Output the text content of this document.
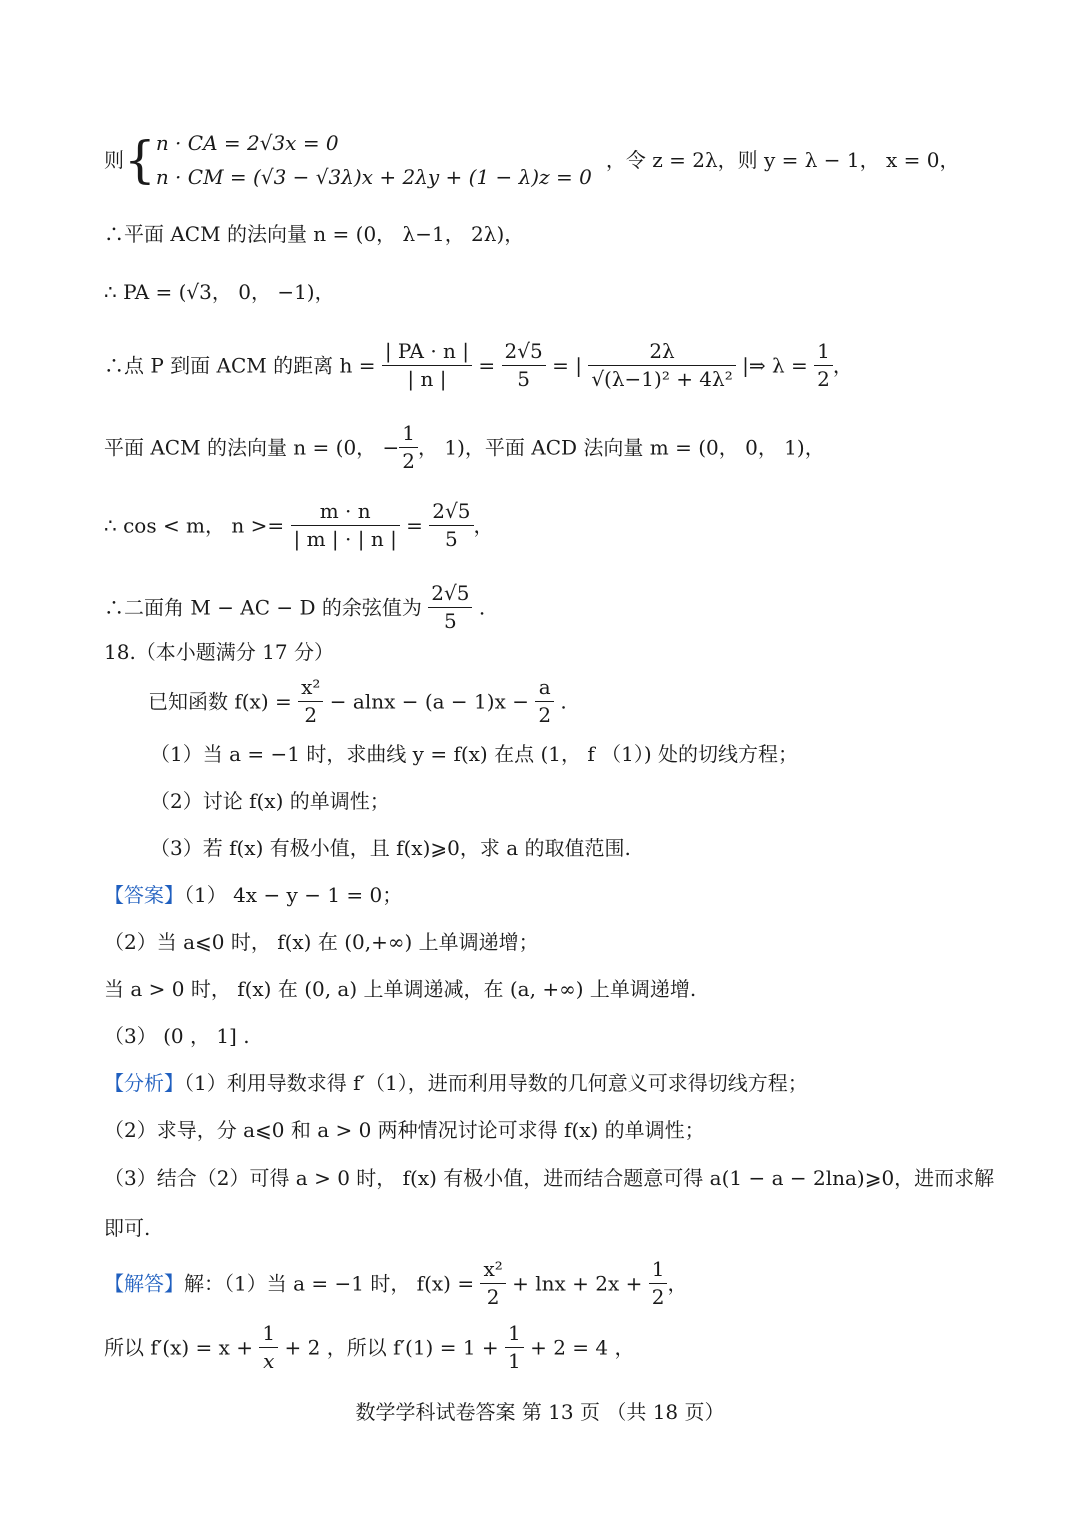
则{ n · CA = 2√3x = 0
n · CM = (√3 − √3λ)x + 2λy + (1 − λ)z = 0
，令 z = 2λ，则 y = λ − 1， x = 0，
∴平面 ACM 的法向量 n = (0， λ−1， 2λ)，
∴ PA = (√3， 0， −1)，
∴点 P 到面 ACM 的距离 $h = \frac{| PA \cdot n |}{| n |} = \frac{2√5}{5}$ = | $\frac{2\lambda}{\text{√(λ−1)² + 4λ²}}$ |⇒ $\lambda = \frac{1}{2}$ ，
平面 ACM 的法向量 n = (0， − $\frac{1}{2}$ ， 1)，平面 ACD 法向量 m = (0， 0， 1)，
∴ cos < m， $n >= \frac{m \cdot n}{| m | \cdot | n |} = \frac{2√5}{5}$ ，
∴二面角 M − AC − D 的余弦值为 $\frac{2√5}{5}$ .
18.（本小题满分 17 分）
已知函数 $f(x) = \frac{\text{x²}}{2} - alnx - (a - 1)x - \frac{a}{2}$ .
（1）当 a = −1 时，求曲线 y = f(x) 在点 (1， f （1）) 处的切线方程；
（2）讨论 f(x) 的单调性；
（3）若 f(x) 有极小值，且 f(x)⩾0，求 a 的取值范围.
【答案】（1） 4x − y − 1 = 0；
（2）当 a⩽0 时， f(x) 在 (0,+∞) 上单调递增；
当 a > 0 时， f(x) 在 (0, a) 上单调递减，在 (a, +∞) 上单调递增.
（3） (0 ， 1] .
【分析】（1）利用导数求得 f′（1），进而利用导数的几何意义可求得切线方程；
（2）求导，分 a⩽0 和 a > 0 两种情况讨论可求得 f(x) 的单调性；
（3）结合（2）可得 a > 0 时， f(x) 有极小值，进而结合题意可得 a(1 − a − 2lna)⩾0，进而求解
即可.
【解答】解：（1）当 a = −1 时， $f(x) = \frac{\text{x²}}{2} + \ln x + 2x + \frac{1}{2}$ ，
所以 $f'(x) = x + \frac{1}{x} + 2$ ，所以 $f'(1) = 1 + \frac{1}{1} + 2 = 4$ ，
数学学科试卷答案 第 13 页 （共 18 页）
